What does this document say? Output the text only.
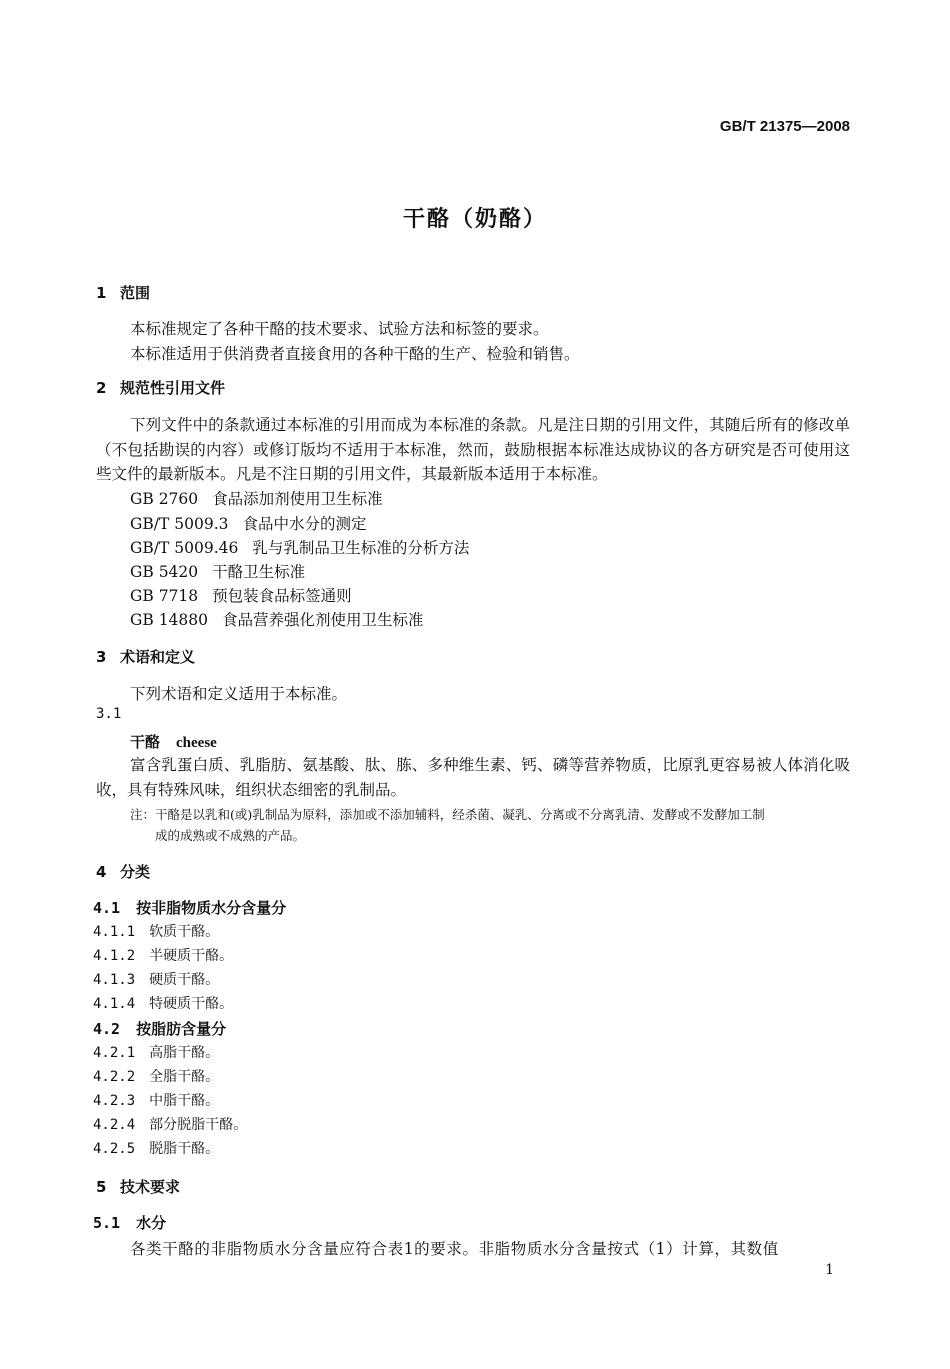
GB/T 21375—2008
干酪（奶酪）
1 范围
本标准规定了各种干酪的技术要求、试验方法和标签的要求。
本标准适用于供消费者直接食用的各种干酪的生产、检验和销售。
2 规范性引用文件
下列文件中的条款通过本标准的引用而成为本标准的条款。凡是注日期的引用文件，其随后所有的修改单（不包括勘误的内容）或修订版均不适用于本标准，然而，鼓励根据本标准达成协议的各方研究是否可使用这些文件的最新版本。凡是不注日期的引用文件，其最新版本适用于本标准。
GB 2760 食品添加剂使用卫生标准
GB/T 5009.3 食品中水分的测定
GB/T 5009.46 乳与乳制品卫生标准的分析方法
GB 5420 干酪卫生标准
GB 7718 预包装食品标签通则
GB 14880 食品营养强化剂使用卫生标准
3 术语和定义
下列术语和定义适用于本标准。
3.1
干酪 cheese
富含乳蛋白质、乳脂肪、氨基酸、肽、胨、多种维生素、钙、磷等营养物质，比原乳更容易被人体消化吸收，具有特殊风味，组织状态细密的乳制品。
注：干酪是以乳和(或)乳制品为原料，添加或不添加辅料，经杀菌、凝乳、分离或不分离乳清、发酵或不发酵加工制
成的成熟或不成熟的产品。
4 分类
4.1 按非脂物质水分含量分
4.1.1 软质干酪。
4.1.2 半硬质干酪。
4.1.3 硬质干酪。
4.1.4 特硬质干酪。
4.2 按脂肪含量分
4.2.1 高脂干酪。
4.2.2 全脂干酪。
4.2.3 中脂干酪。
4.2.4 部分脱脂干酪。
4.2.5 脱脂干酪。
5 技术要求
5.1 水分
各类干酪的非脂物质水分含量应符合表1的要求。非脂物质水分含量按式（1）计算，其数值
1
